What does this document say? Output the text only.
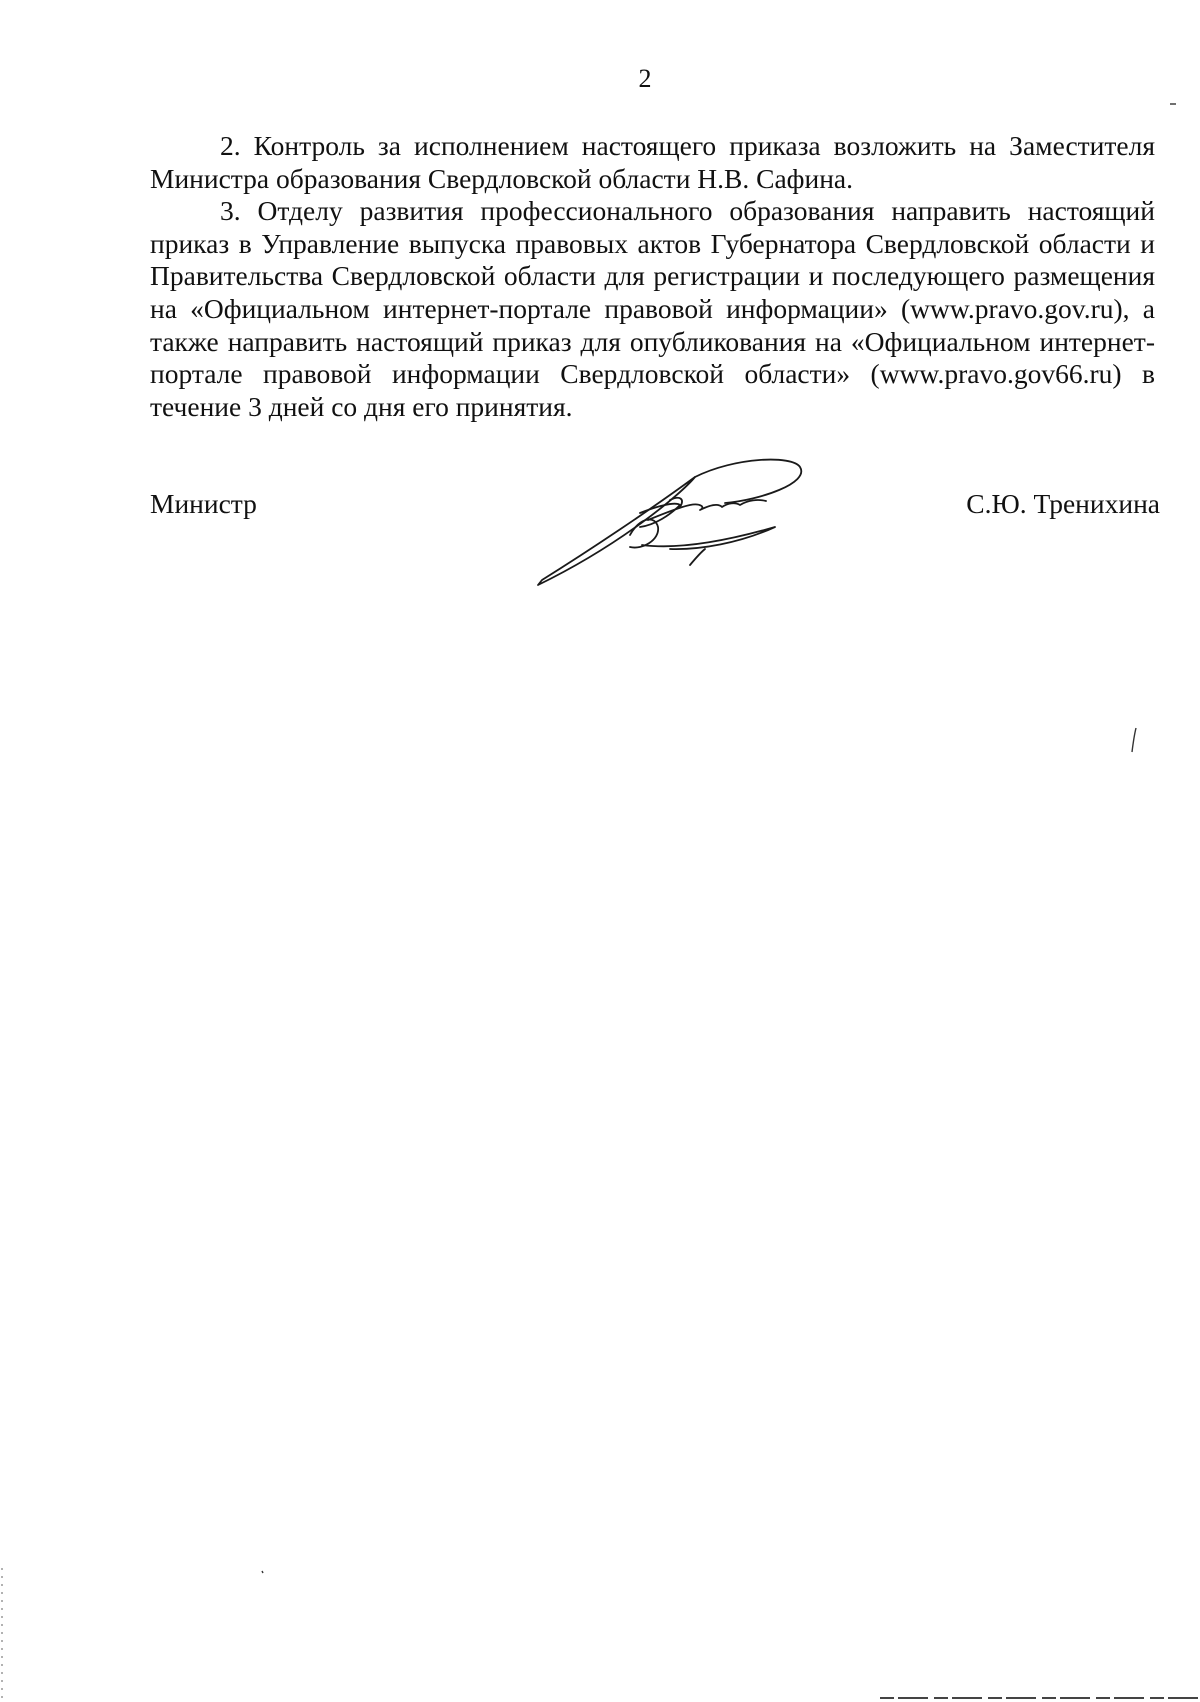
2

2. Контроль за исполнением настоящего приказа возложить на Заместителя Министра образования Свердловской области Н.В. Сафина.

3. Отделу развития профессионального образования направить настоящий приказ в Управление выпуска правовых актов Губернатора Свердловской области и Правительства Свердловской области для регистрации и последующего размещения на «Официальном интернет-портале правовой информации» (www.pravo.gov.ru), а также направить настоящий приказ для опубликования на «Официальном интернет-портале правовой информации Свердловской области» (www.pravo.gov66.ru) в течение 3 дней со дня его принятия.

Министр	С.Ю. Тренихина
